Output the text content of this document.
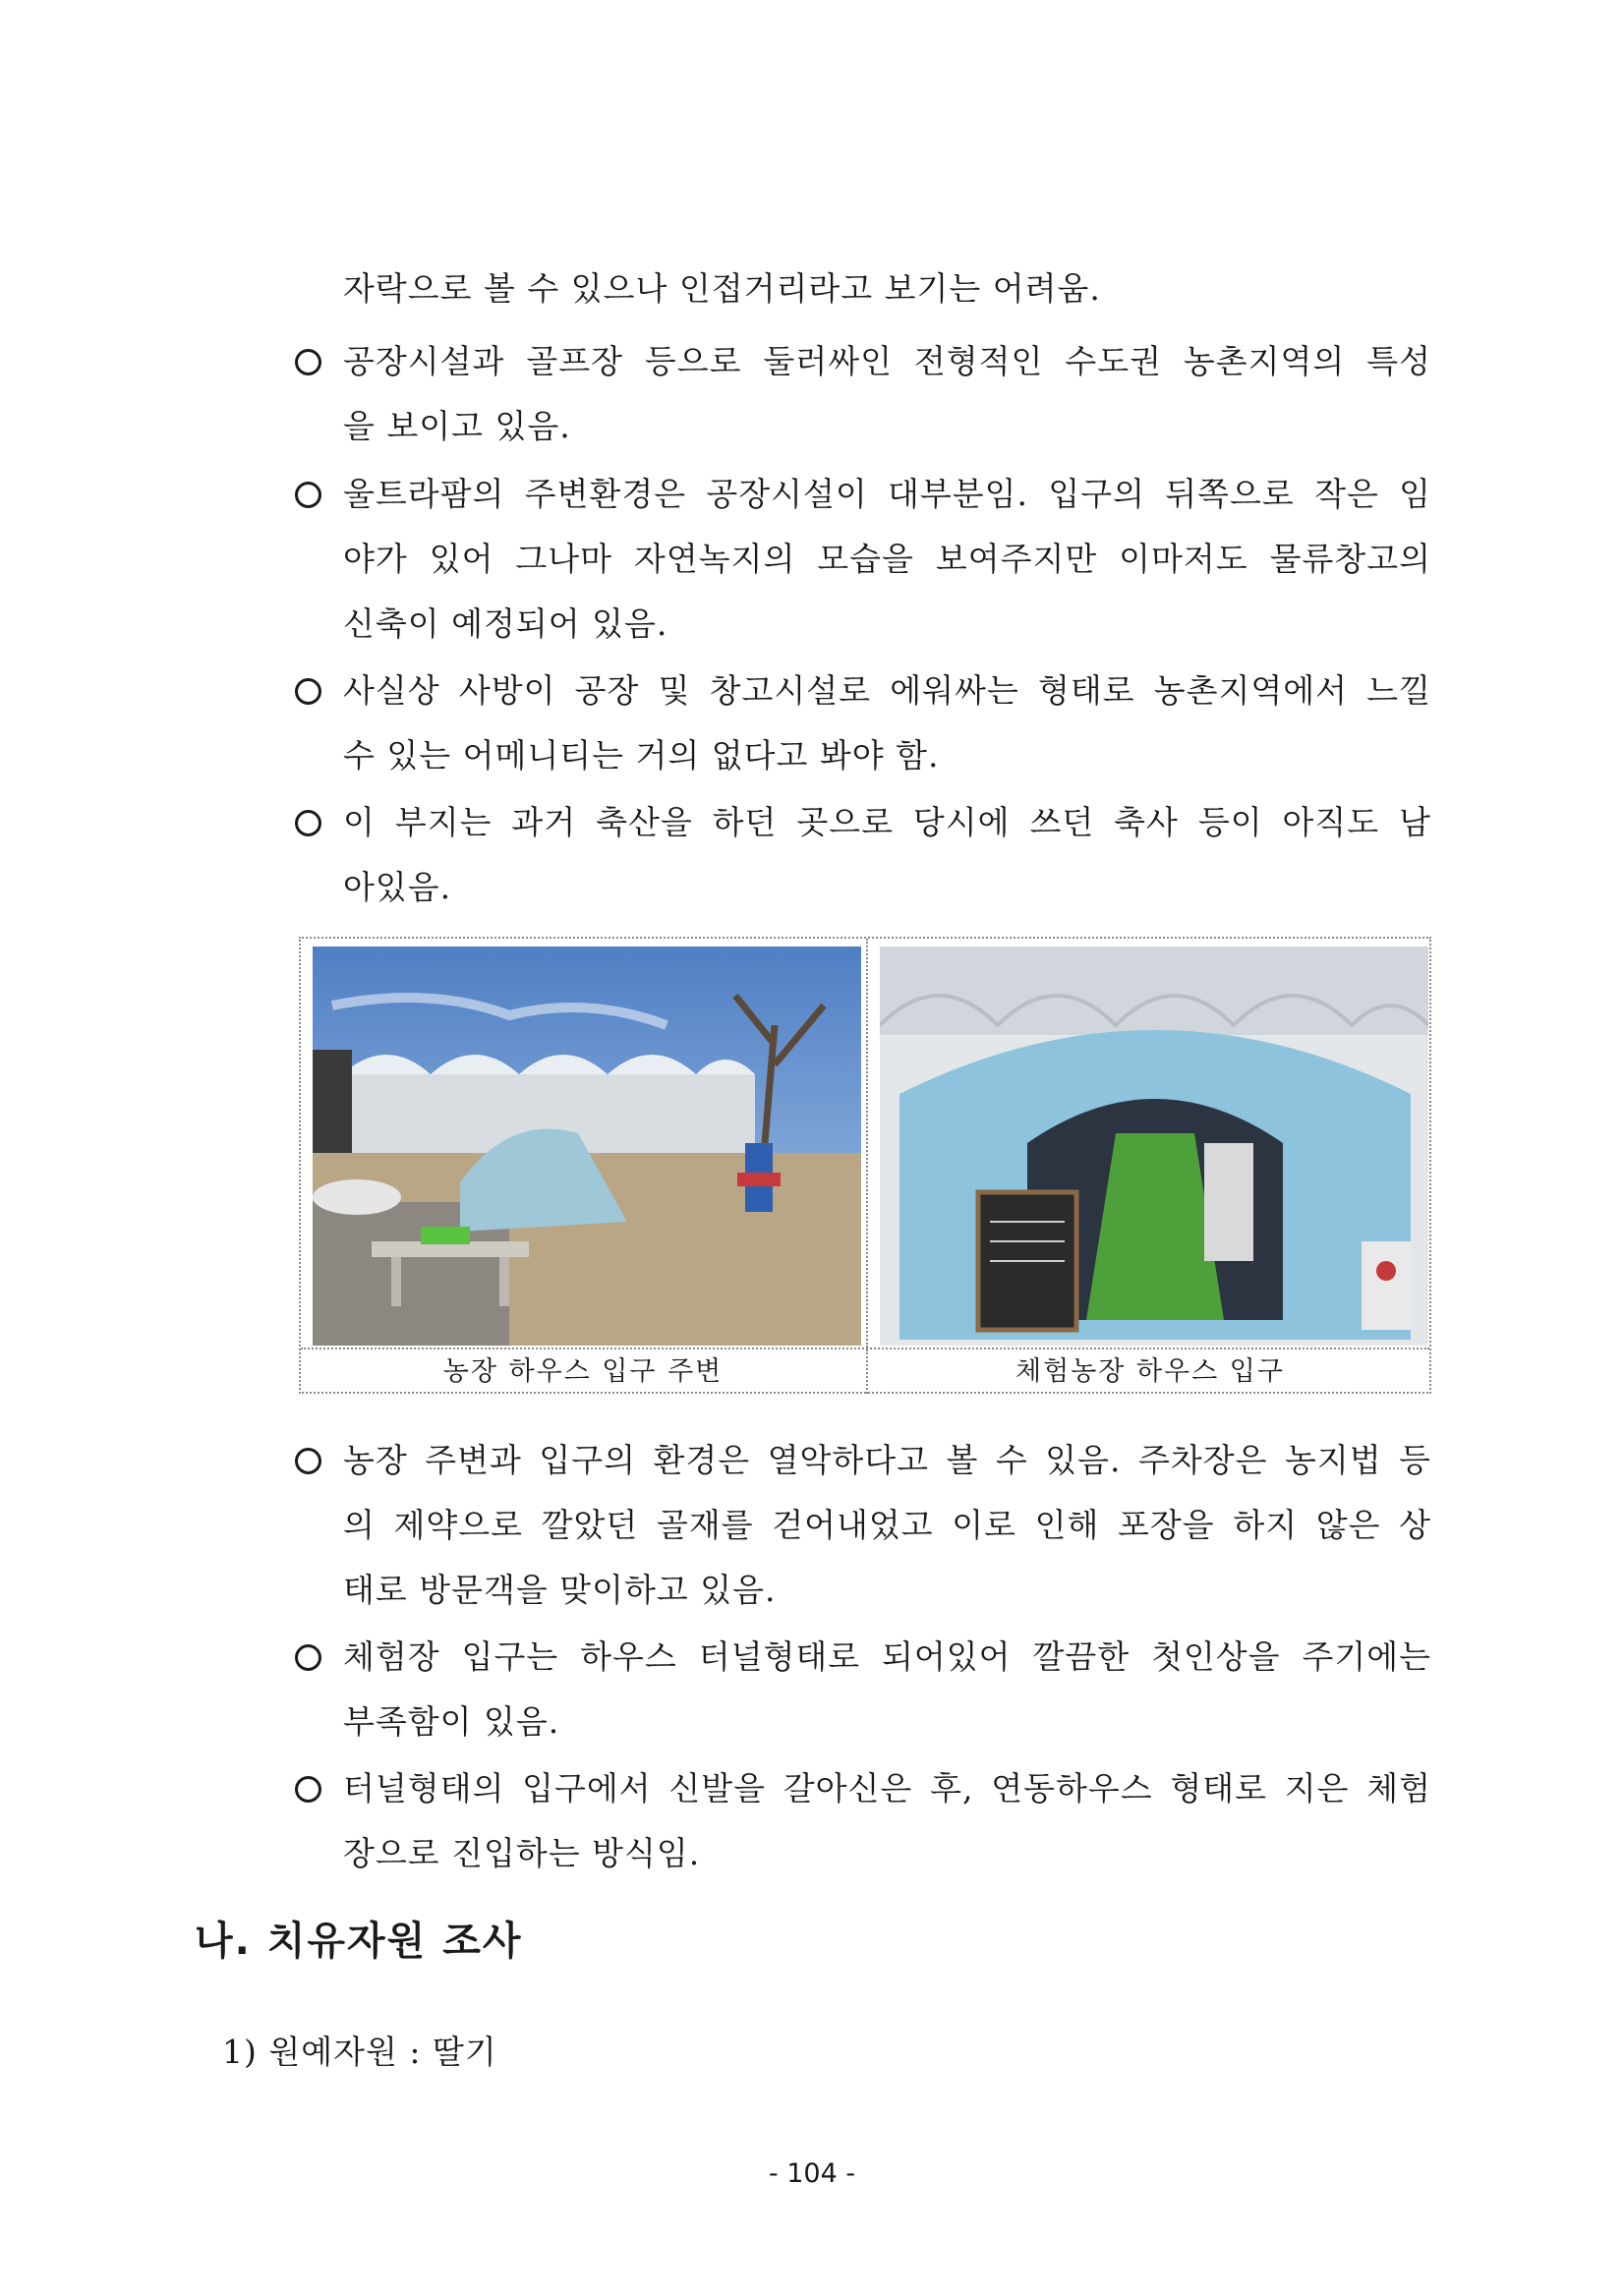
자락으로 볼 수 있으나 인접거리라고 보기는 어려움.
공장시설과 골프장 등으로 둘러싸인 전형적인 수도권 농촌지역의 특성
을 보이고 있음.
울트라팜의 주변환경은 공장시설이 대부분임. 입구의 뒤쪽으로 작은 임
야가 있어 그나마 자연녹지의 모습을 보여주지만 이마저도 물류창고의
신축이 예정되어 있음.
사실상 사방이 공장 및 창고시설로 에워싸는 형태로 농촌지역에서 느낄
수 있는 어메니티는 거의 없다고 봐야 함.
이 부지는 과거 축산을 하던 곳으로 당시에 쓰던 축사 등이 아직도 남
아있음.
농장 하우스 입구 주변	체험농장 하우스 입구
농장 주변과 입구의 환경은 열악하다고 볼 수 있음. 주차장은 농지법 등
의 제약으로 깔았던 골재를 걷어내었고 이로 인해 포장을 하지 않은 상
태로 방문객을 맞이하고 있음.
체험장 입구는 하우스 터널형태로 되어있어 깔끔한 첫인상을 주기에는
부족함이 있음.
터널형태의 입구에서 신발을 갈아신은 후, 연동하우스 형태로 지은 체험
장으로 진입하는 방식임.
나. 치유자원 조사
1) 원예자원 : 딸기
- 104 -
